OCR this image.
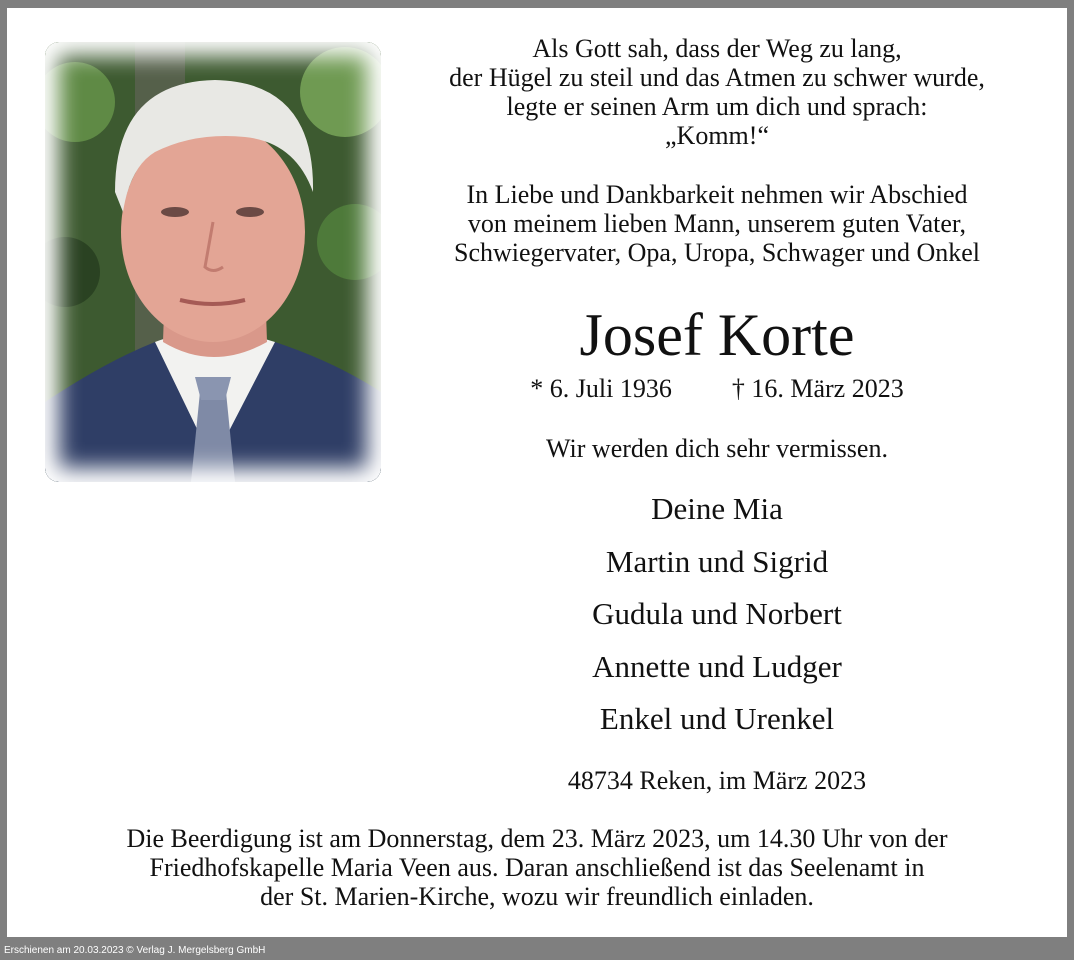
Als Gott sah, dass der Weg zu lang,
der Hügel zu steil und das Atmen zu schwer wurde,
legte er seinen Arm um dich und sprach:
„Komm!“
In Liebe und Dankbarkeit nehmen wir Abschied
von meinem lieben Mann, unserem guten Vater,
Schwiegervater, Opa, Uropa, Schwager und Onkel
Josef Korte
* 6. Juli 1936 † 16. März 2023
Wir werden dich sehr vermissen.
Deine Mia
Martin und Sigrid
Gudula und Norbert
Annette und Ludger
Enkel und Urenkel
48734 Reken, im März 2023
Die Beerdigung ist am Donnerstag, dem 23. März 2023, um 14.30 Uhr von der
Friedhofskapelle Maria Veen aus. Daran anschließend ist das Seelenamt in
der St. Marien-Kirche, wozu wir freundlich einladen.
Erschienen am 20.03.2023 © Verlag J. Mergelsberg GmbH
